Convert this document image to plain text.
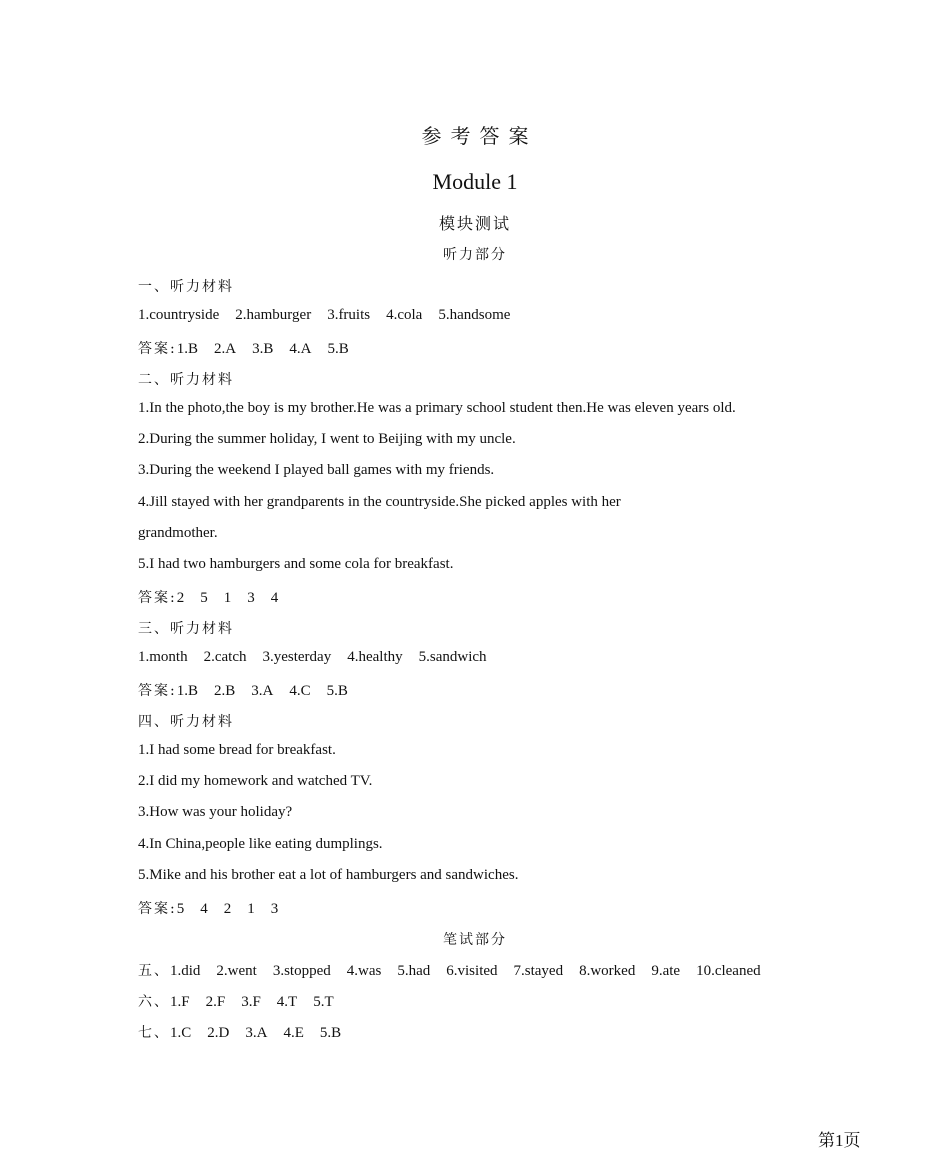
参考答案
Module 1
模块测试
听力部分
一、听力材料
1.countryside 2.hamburger 3.fruits 4.cola 5.handsome
答案:1.B 2.A 3.B 4.A 5.B
二、听力材料
1.In the photo,the boy is my brother.He was a primary school student then.He was eleven years old.
2.During the summer holiday, I went to Beijing with my uncle.
3.During the weekend I played ball games with my friends.
4.Jill stayed with her grandparents in the countryside.She picked apples with her
grandmother.
5.I had two hamburgers and some cola for breakfast.
答案:2 5 1 3 4
三、听力材料
1.month 2.catch 3.yesterday 4.healthy 5.sandwich
答案:1.B 2.B 3.A 4.C 5.B
四、听力材料
1.I had some bread for breakfast.
2.I did my homework and watched TV.
3.How was your holiday?
4.In China,people like eating dumplings.
5.Mike and his brother eat a lot of hamburgers and sandwiches.
答案:5 4 2 1 3
笔试部分
五、1.did 2.went 3.stopped 4.was 5.had 6.visited 7.stayed 8.worked 9.ate 10.cleaned
六、1.F 2.F 3.F 4.T 5.T
七、1.C 2.D 3.A 4.E 5.B
第1页
